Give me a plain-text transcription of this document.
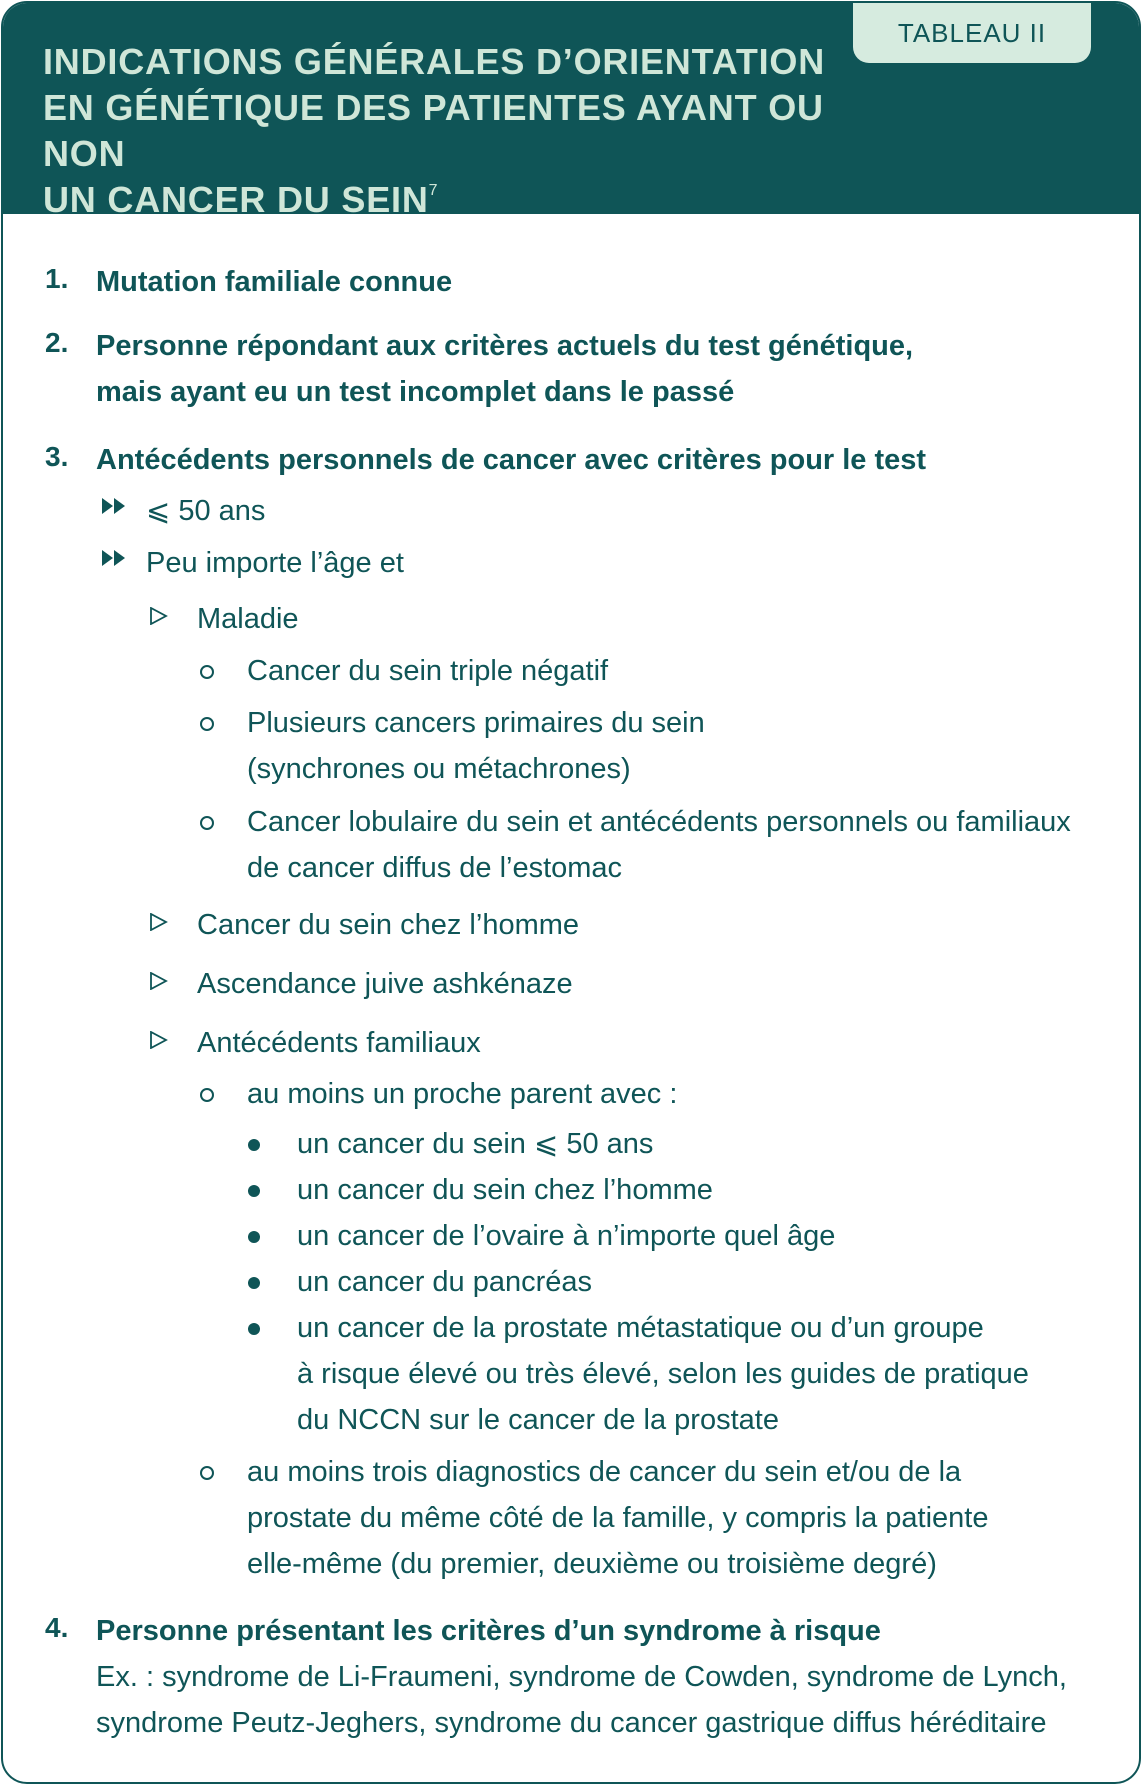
INDICATIONS GÉNÉRALES D’ORIENTATION
EN GÉNÉTIQUE DES PATIENTES AYANT OU NON
UN CANCER DU SEIN$^7$
TABLEAU II
1. Mutation familiale connue
2. Personne répondant aux critères actuels du test génétique,
mais ayant eu un test incomplet dans le passé
3. Antécédents personnels de cancer avec critères pour le test
⩽ 50 ans
Peu importe l’âge et
Maladie
Cancer du sein triple négatif
Plusieurs cancers primaires du sein
(synchrones ou métachrones)
Cancer lobulaire du sein et antécédents personnels ou familiaux
de cancer diffus de l’estomac
Cancer du sein chez l’homme
Ascendance juive ashkénaze
Antécédents familiaux
au moins un proche parent avec :
un cancer du sein ⩽ 50 ans
un cancer du sein chez l’homme
un cancer de l’ovaire à n’importe quel âge
un cancer du pancréas
un cancer de la prostate métastatique ou d’un groupe
à risque élevé ou très élevé, selon les guides de pratique
du NCCN sur le cancer de la prostate
au moins trois diagnostics de cancer du sein et/ou de la
prostate du même côté de la famille, y compris la patiente
elle-même (du premier, deuxième ou troisième degré)
4. Personne présentant les critères d’un syndrome à risque
Ex. : syndrome de Li-Fraumeni, syndrome de Cowden, syndrome de Lynch,
syndrome Peutz-Jeghers, syndrome du cancer gastrique diffus héréditaire
